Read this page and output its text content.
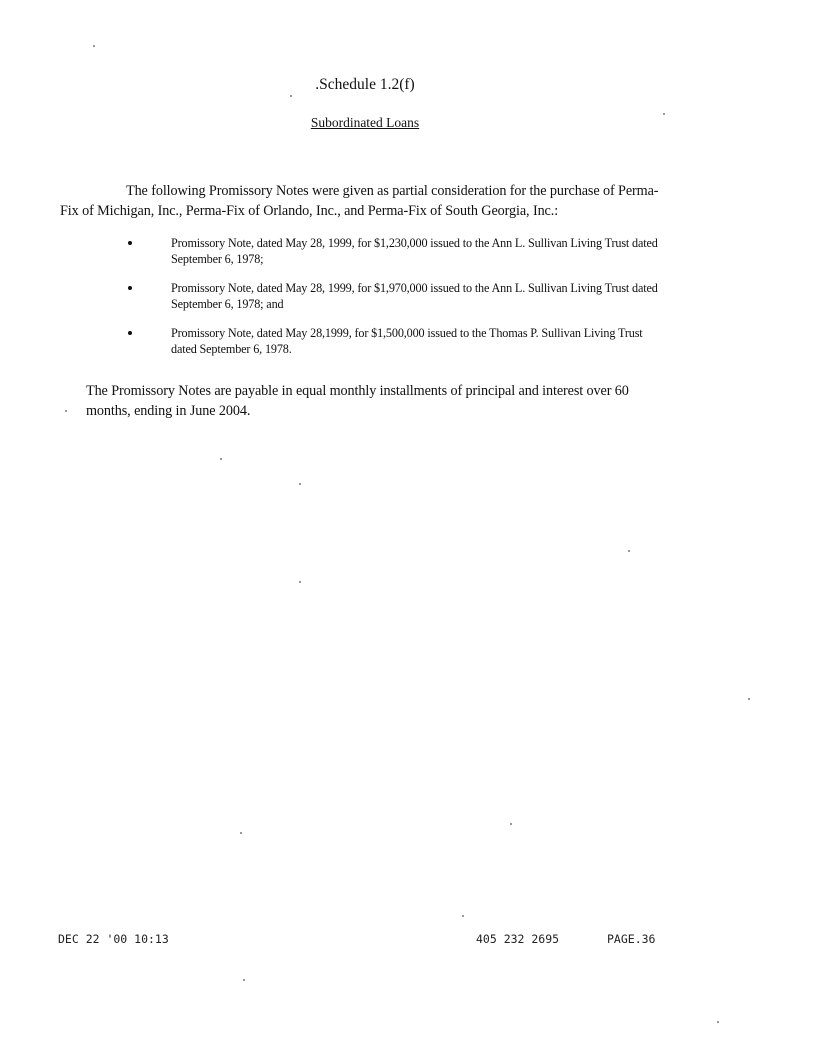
.Schedule 1.2(f)
Subordinated Loans

The following Promissory Notes were given as partial consideration for the purchase of Perma-Fix of Michigan, Inc., Perma-Fix of Orlando, Inc., and Perma-Fix of South Georgia, Inc.:

Promissory Note, dated May 28, 1999, for $1,230,000 issued to the Ann L. Sullivan Living Trust dated September 6, 1978;
Promissory Note, dated May 28, 1999, for $1,970,000 issued to the Ann L. Sullivan Living Trust dated September 6, 1978; and
Promissory Note, dated May 28,1999, for $1,500,000 issued to the Thomas P. Sullivan Living Trust dated September 6, 1978.

The Promissory Notes are payable in equal monthly installments of principal and interest over 60 months, ending in June 2004.

DEC 22 '00 10:13	405 232 2695	PAGE.36
